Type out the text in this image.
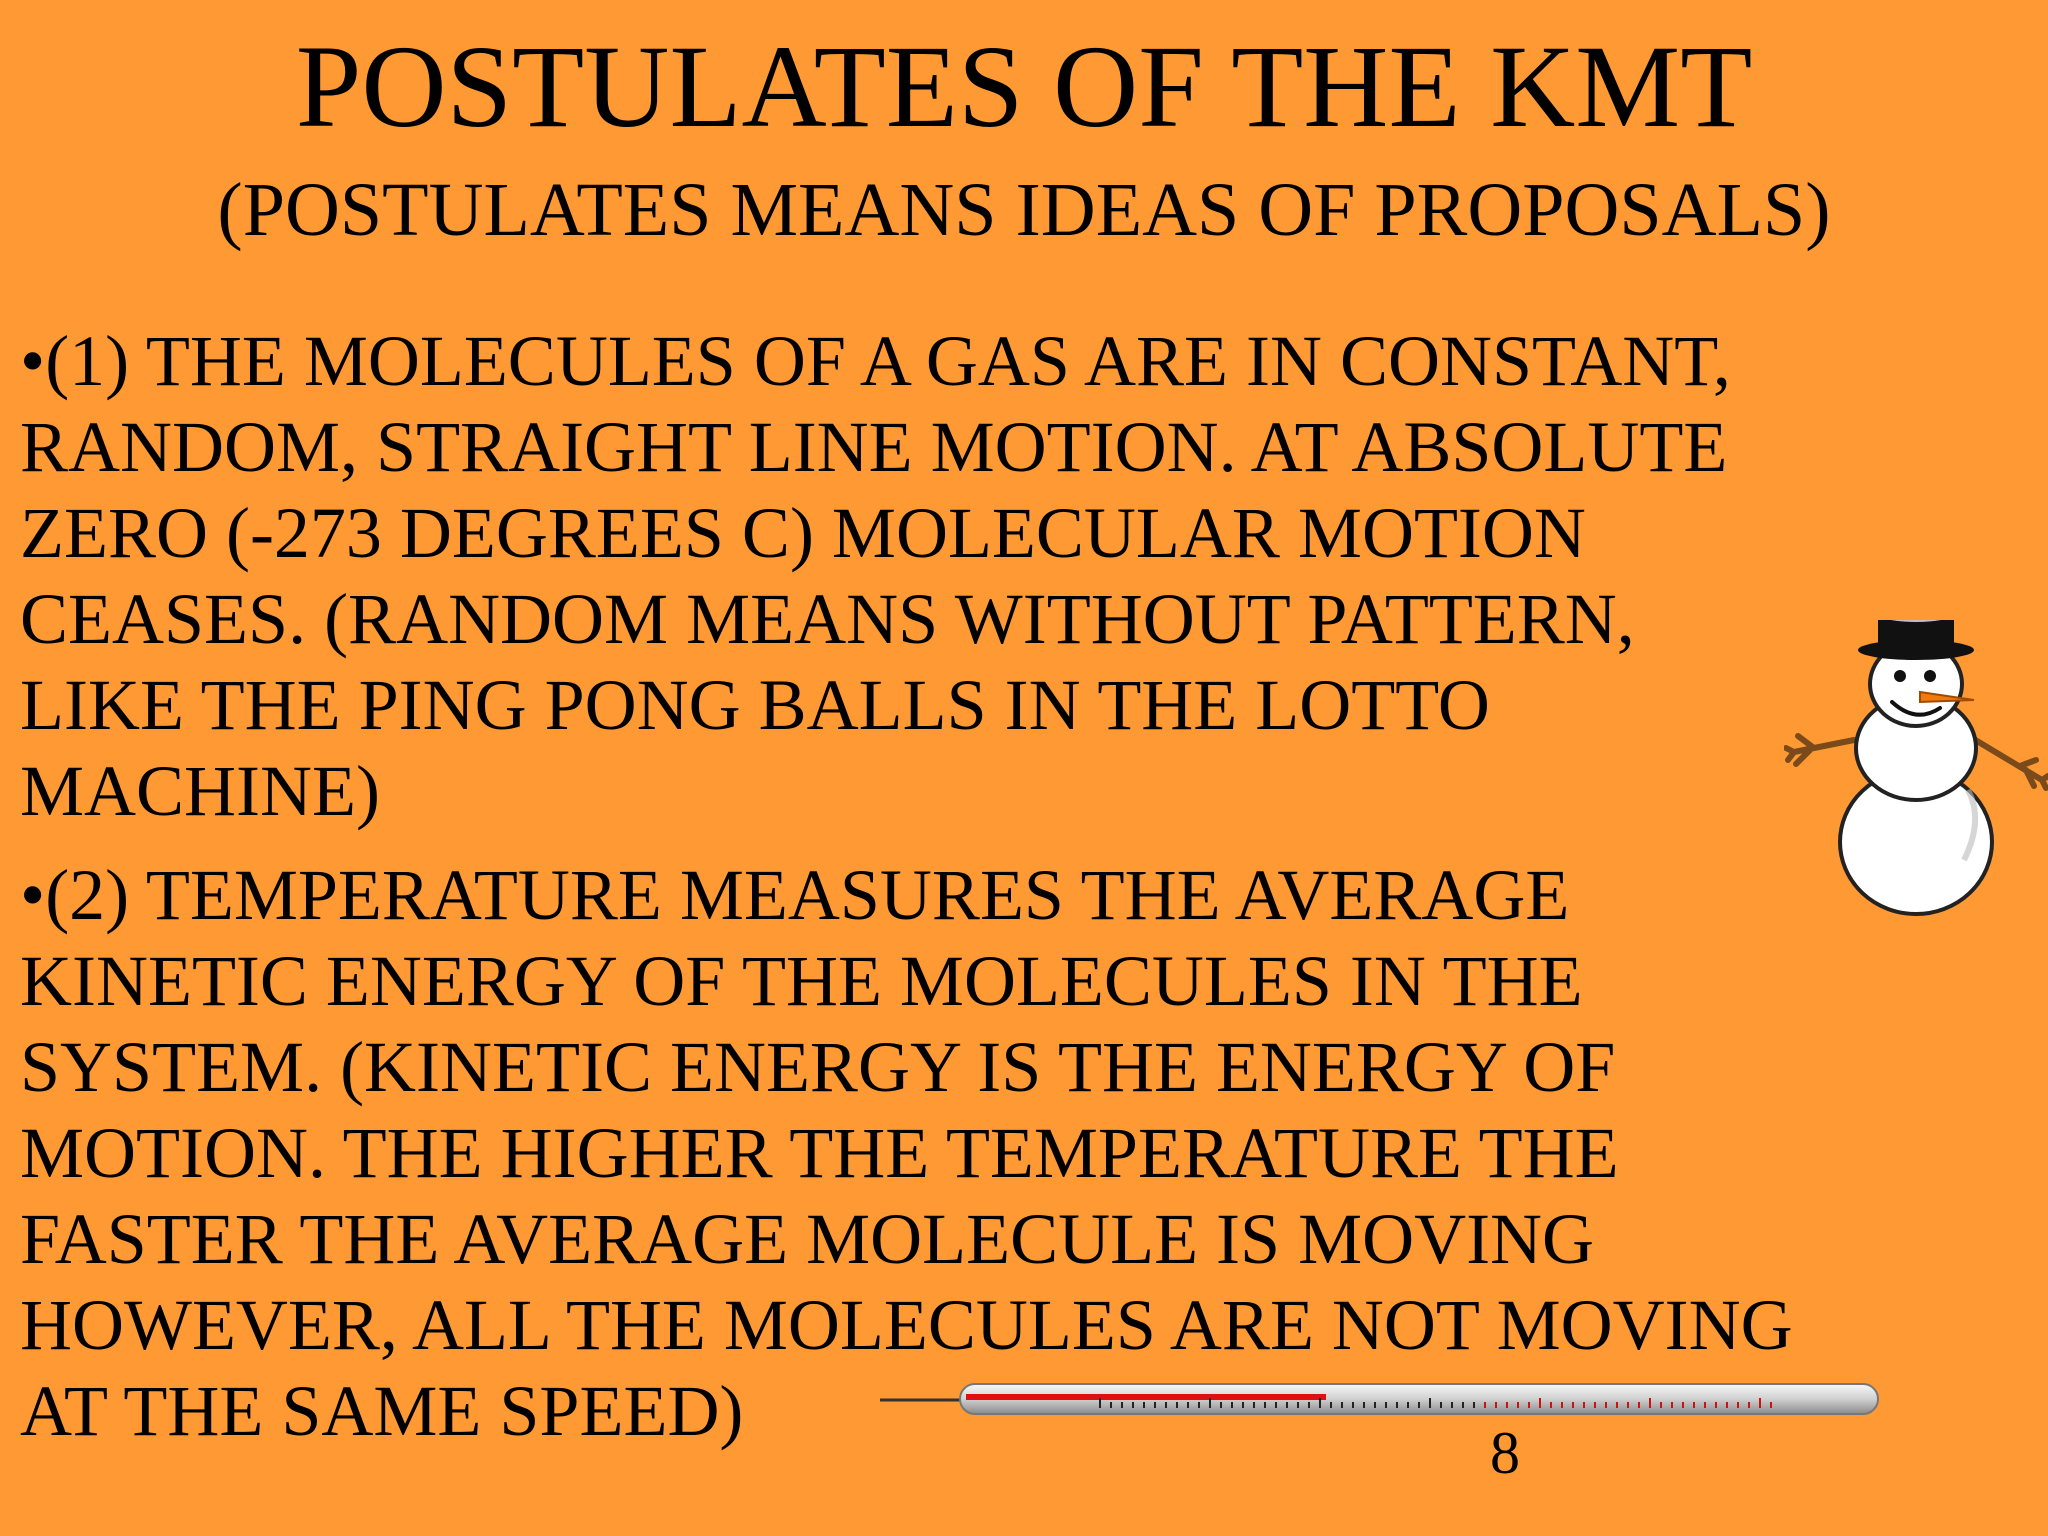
POSTULATES OF THE KMT
(POSTULATES MEANS IDEAS OF PROPOSALS)
•(1) THE MOLECULES OF A GAS ARE IN CONSTANT,
RANDOM, STRAIGHT LINE MOTION. AT ABSOLUTE
ZERO (-273 DEGREES C) MOLECULAR MOTION
CEASES. (RANDOM MEANS WITHOUT PATTERN,
LIKE THE PING PONG BALLS IN THE LOTTO
MACHINE)
•(2) TEMPERATURE MEASURES THE AVERAGE
KINETIC ENERGY OF THE MOLECULES IN THE
SYSTEM. (KINETIC ENERGY IS THE ENERGY OF
MOTION. THE HIGHER THE TEMPERATURE THE
FASTER THE AVERAGE MOLECULE IS MOVING
HOWEVER, ALL THE MOLECULES ARE NOT MOVING
AT THE SAME SPEED)
8
